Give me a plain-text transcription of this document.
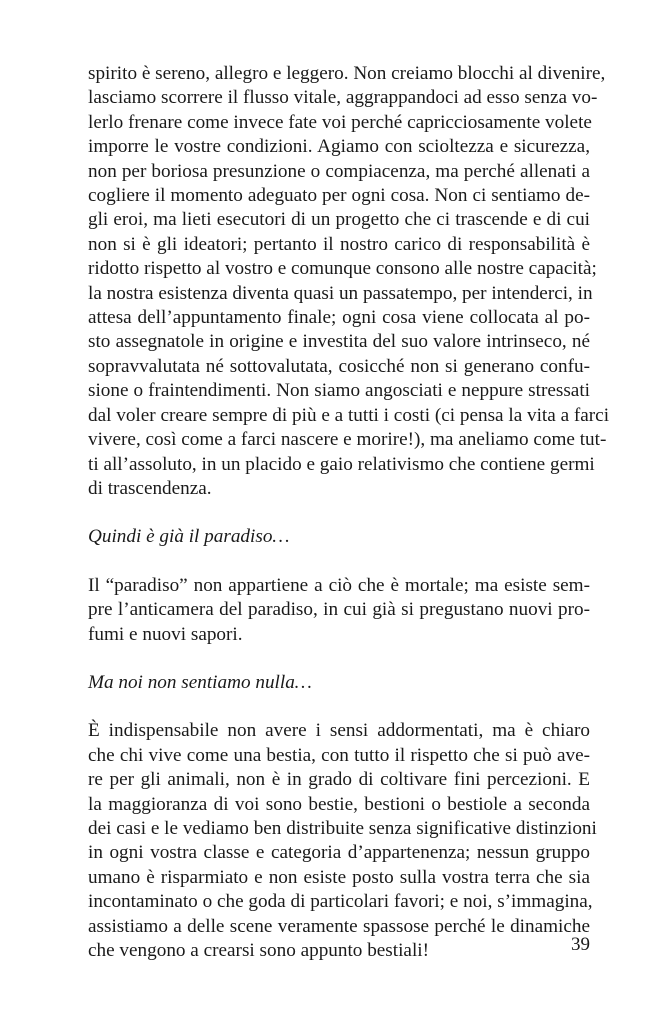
spirito è sereno, allegro e leggero. Non creiamo blocchi al divenire,
lasciamo scorrere il flusso vitale, aggrappandoci ad esso senza vo-
lerlo frenare come invece fate voi perché capricciosamente volete
imporre le vostre condizioni. Agiamo con scioltezza e sicurezza,
non per boriosa presunzione o compiacenza, ma perché allenati a
cogliere il momento adeguato per ogni cosa. Non ci sentiamo de-
gli eroi, ma lieti esecutori di un progetto che ci trascende e di cui
non si è gli ideatori; pertanto il nostro carico di responsabilità è
ridotto rispetto al vostro e comunque consono alle nostre capacità;
la nostra esistenza diventa quasi un passatempo, per intenderci, in
attesa dell’appuntamento finale; ogni cosa viene collocata al po-
sto assegnatole in origine e investita del suo valore intrinseco, né
sopravvalutata né sottovalutata, cosicché non si generano confu-
sione o fraintendimenti. Non siamo angosciati e neppure stressati
dal voler creare sempre di più e a tutti i costi (ci pensa la vita a farci
vivere, così come a farci nascere e morire!), ma aneliamo come tut-
ti all’assoluto, in un placido e gaio relativismo che contiene germi
di trascendenza.

Quindi è già il paradiso…

Il “paradiso” non appartiene a ciò che è mortale; ma esiste sem-
pre l’anticamera del paradiso, in cui già si pregustano nuovi pro-
fumi e nuovi sapori.

Ma noi non sentiamo nulla…

È indispensabile non avere i sensi addormentati, ma è chiaro
che chi vive come una bestia, con tutto il rispetto che si può ave-
re per gli animali, non è in grado di coltivare fini percezioni. E
la maggioranza di voi sono bestie, bestioni o bestiole a seconda
dei casi e le vediamo ben distribuite senza significative distinzioni
in ogni vostra classe e categoria d’appartenenza; nessun gruppo
umano è risparmiato e non esiste posto sulla vostra terra che sia
incontaminato o che goda di particolari favori; e noi, s’immagina,
assistiamo a delle scene veramente spassose perché le dinamiche
che vengono a crearsi sono appunto bestiali!	39
